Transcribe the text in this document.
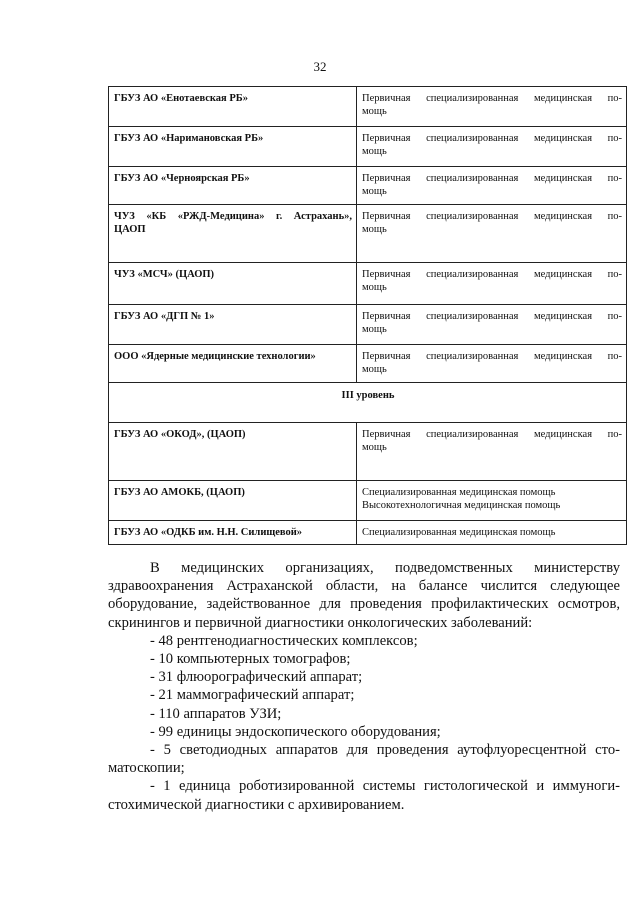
32
ГБУЗ АО «Енотаевская РБ»	Первичная специализированная медицинская по-
мощь
ГБУЗ АО «Наримановская РБ»	Первичная специализированная медицинская по-
мощь
ГБУЗ АО «Черноярская РБ»	Первичная специализированная медицинская по-
мощь

ЧУЗ «КБ «РЖД-Медицина» г. Астрахань»,
ЦАОП	Первичная специализированная медицинская по-
мощь
ЧУЗ «МСЧ» (ЦАОП)	Первичная специализированная медицинская по-
мощь
ГБУЗ АО «ДГП № 1»	Первичная специализированная медицинская по-
мощь
ООО «Ядерные медицинские технологии»	Первичная специализированная медицинская по-
мощь
III уровень	
ГБУЗ АО «ОКОД», (ЦАОП)	Первичная специализированная медицинская по-
мощь
ГБУЗ АО АМОКБ, (ЦАОП)	Специализированная медицинская помощь
Высокотехнологичная медицинская помощь
ГБУЗ АО «ОДКБ им. Н.Н. Силищевой»	Специализированная медицинская помощь

В медицинских организациях, подведомственных министерству здравоохранения Астраханской области, на балансе числится следующее оборудование, задействованное для проведения профилактических осмотров, скринингов и первичной диагностики онкологических заболеваний:

- 48 рентгенодиагностических комплексов;

- 10 компьютерных томографов;

- 31 флюорографический аппарат;

- 21 маммографический аппарат;

- 110 аппаратов УЗИ;

- 99 единицы эндоскопического оборудования;

- 5 светодиодных аппаратов для проведения аутофлуоресцентной сто-

матоскопии;

- 1 единица роботизированной системы гистологической и иммуноги-

стохимической диагностики с архивированием.
